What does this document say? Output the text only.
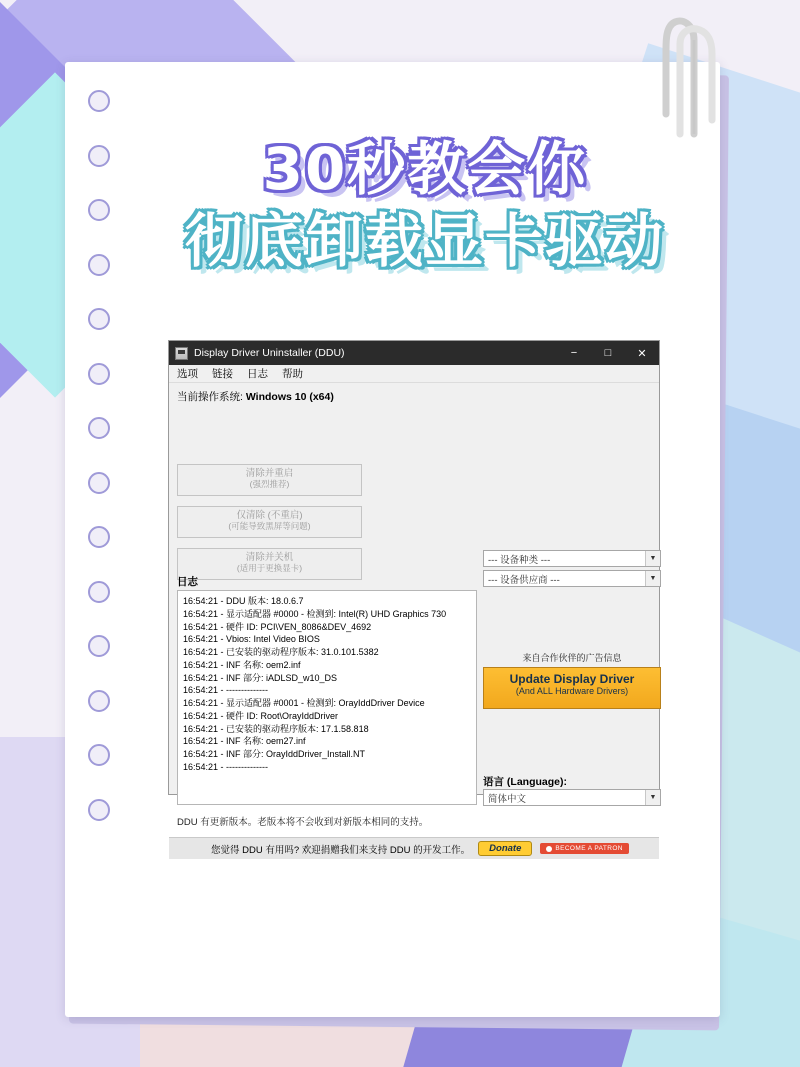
30秒教会你
彻底卸载显卡驱动
Display Driver Uninstaller (DDU)	−	□	✕
选项 链接 日志 帮助
当前操作系统: Windows 10 (x64)
清除并重启
(强烈推荐)
仅清除 (不重启)
(可能导致黑屏等问题)
清除并关机
(适用于更换显卡)
日志
16:54:21 - DDU 版本: 18.0.6.7
16:54:21 - 显示适配器 #0000 - 检测到: Intel(R) UHD Graphics 730
16:54:21 - 硬件 ID: PCI\VEN_8086&DEV_4692
16:54:21 - Vbios: Intel Video BIOS
16:54:21 - 已安装的驱动程序版本: 31.0.101.5382
16:54:21 - INF 名称: oem2.inf
16:54:21 - INF 部分: iADLSD_w10_DS
16:54:21 - --------------
16:54:21 - 显示适配器 #0001 - 检测到: OrayIddDriver Device
16:54:21 - 硬件 ID: Root\OrayIddDriver
16:54:21 - 已安装的驱动程序版本: 17.1.58.818
16:54:21 - INF 名称: oem27.inf
16:54:21 - INF 部分: OrayIddDriver_Install.NT
16:54:21 - --------------
--- 设备种类 ---	▼
--- 设备供应商 ---	▼
来自合作伙伴的广告信息
Update Display Driver
(And ALL Hardware Drivers)
语言 (Language):
简体中文	▼
DDU 有更新版本。老版本将不会收到对新版本相同的支持。
您觉得 DDU 有用吗? 欢迎捐赠我们来支持 DDU 的开发工作。	Donate	BECOME A PATRON
